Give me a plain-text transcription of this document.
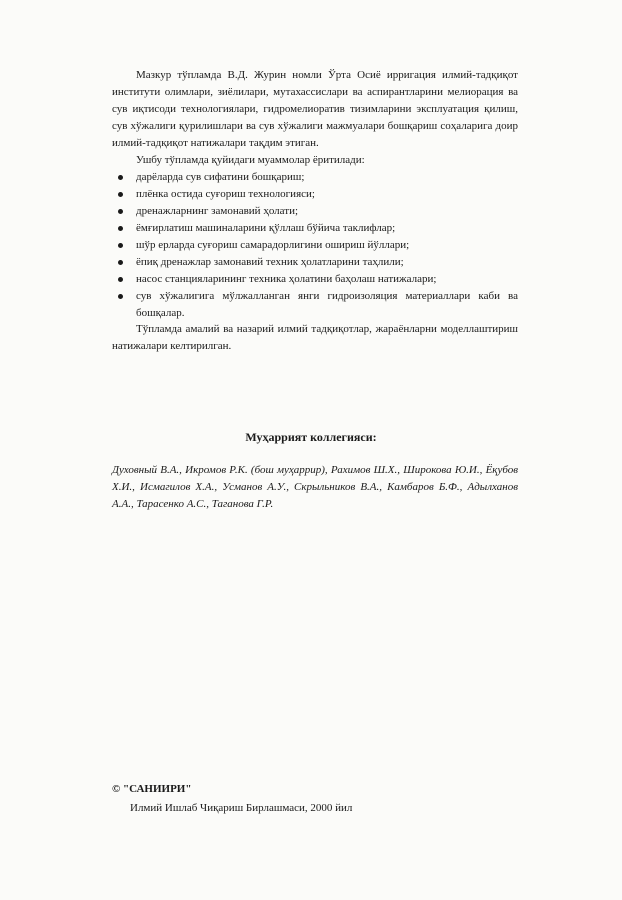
Мазкур тўпламда В.Д. Журин номли Ўрта Осиё ирригация илмий-тадқиқот институти олимлари, зиёлилари, мутахассислари ва аспирантларини мелиорация ва сув иқтисоди технологиялари, гидромелиоратив тизимларини эксплуатация қилиш, сув хўжалиги қурилишлари ва сув хўжалиги мажмуалари бошқариш соҳаларига доир илмий-тадқиқот натижалари тақдим этиган.

Ушбу тўпламда қуйидаги муаммолар ёритилади:

дарёларда сув сифатини бошқариш;
плёнка остида суғориш технологияси;
дренажларнинг замонавий ҳолати;
ёмғирлатиш машиналарини қўллаш бўйича таклифлар;
шўр ерларда суғориш самарадорлигини ошириш йўллари;
ёпиқ дренажлар замонавий техник ҳолатларини таҳлили;
насос станцияларининг техника ҳолатини баҳолаш натижалари;
сув хўжалигига мўлжалланган янги гидроизоляция материаллари каби ва бошқалар.

Тўпламда амалий ва назарий илмий тадқиқотлар, жараёнларни моделлаштириш натижалари келтирилган.

Муҳаррият коллегияси:

Духовный В.А., Икромов Р.К. (бош муҳаррир), Рахимов Ш.Х., Широкова Ю.И., Ёқубов Х.И., Исмагилов Х.А., Усманов А.У., Скрыльников В.А., Камбаров Б.Ф., Адылханов А.А., Тарасенко А.С., Таганова Г.Р.

© "САНИИРИ"

Илмий Ишлаб Чиқариш Бирлашмаси, 2000 йил
